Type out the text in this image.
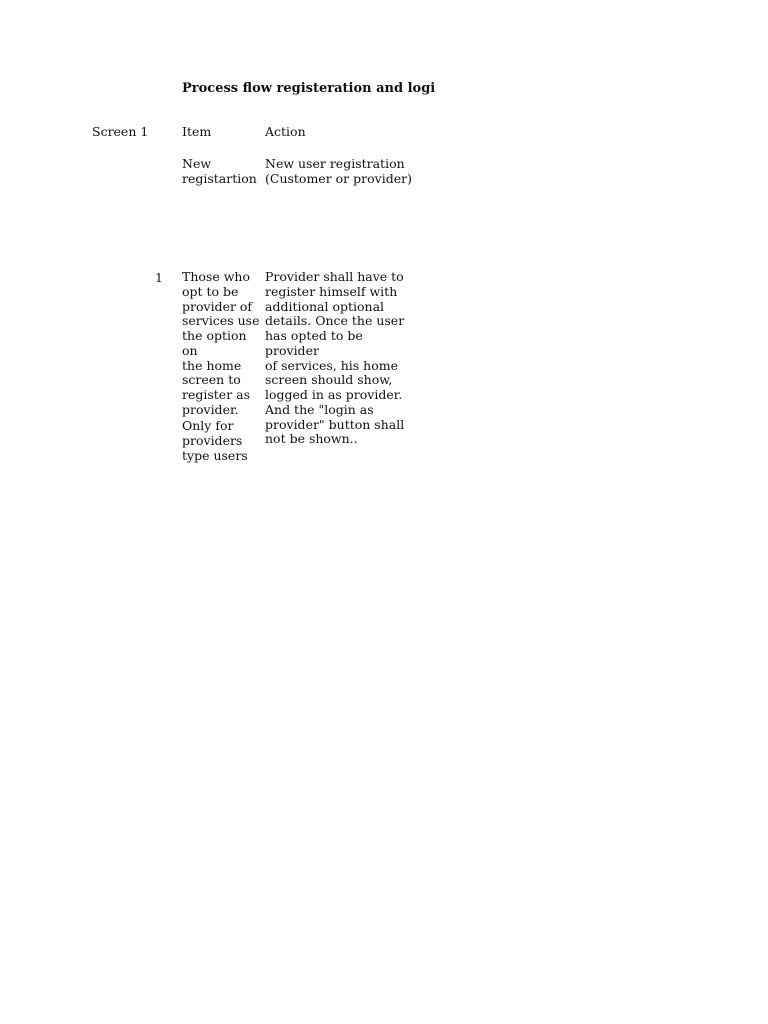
Process flow registeration and logi
Screen 1	Item	Action
New
registartion
New user registration
(Customer or provider)
1 Those who
opt to be
provider of
services use
the option on
the home
screen to
register as
provider.
Only for
providers
type users
Provider shall have to
register himself with
additional optional
details. Once the user
has opted to be provider
of services, his home
screen should show,
logged in as provider.
And the "login as
provider" button shall
not be shown..
